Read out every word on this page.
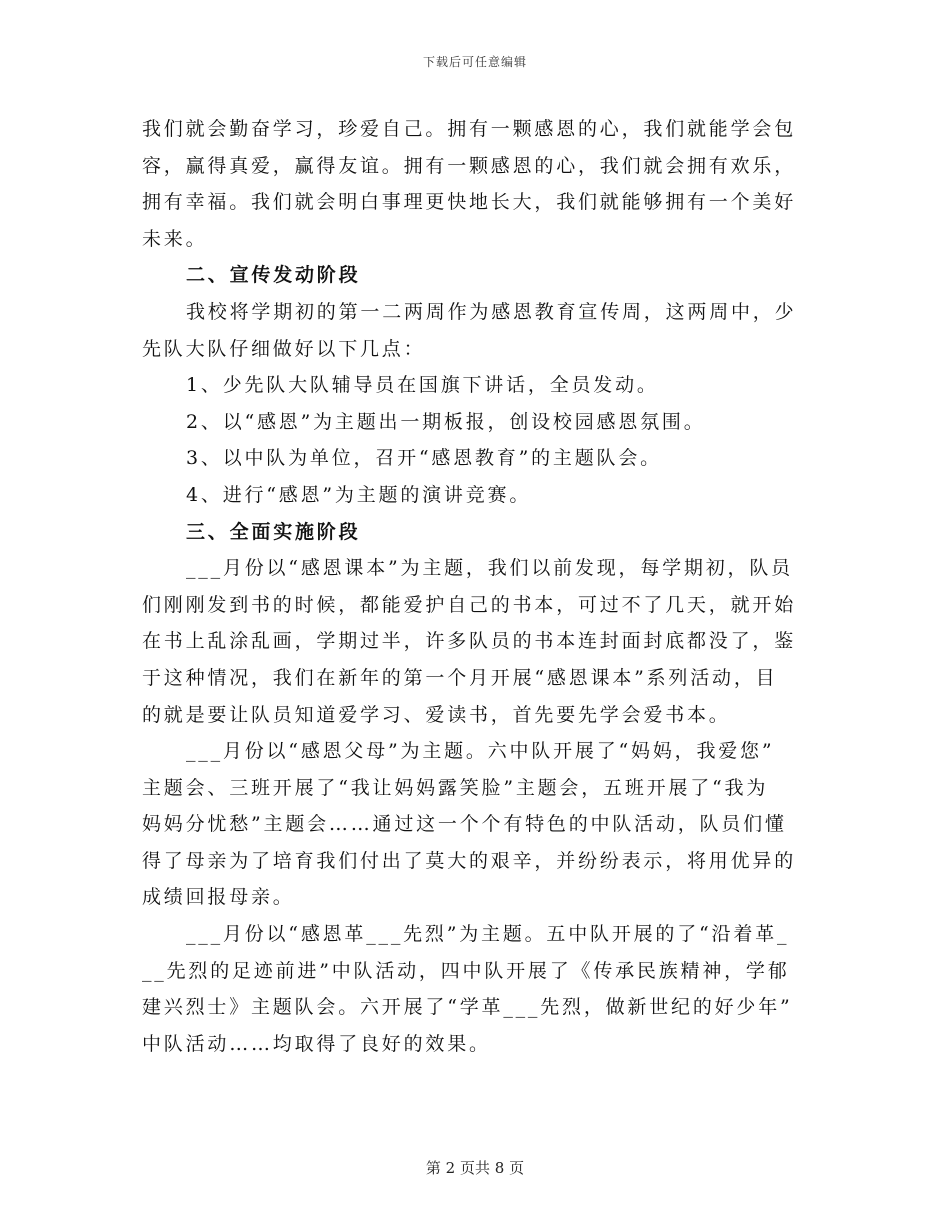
下载后可任意编辑
我们就会勤奋学习，珍爱自己。拥有一颗感恩的心，我们就能学会包
容，赢得真爱，赢得友谊。拥有一颗感恩的心，我们就会拥有欢乐，
拥有幸福。我们就会明白事理更快地长大，我们就能够拥有一个美好
未来。
二、宣传发动阶段
我校将学期初的第一二两周作为感恩教育宣传周，这两周中，少
先队大队仔细做好以下几点：
1、少先队大队辅导员在国旗下讲话，全员发动。
2、以“感恩”为主题出一期板报，创设校园感恩氛围。
3、以中队为单位，召开“感恩教育”的主题队会。
4、进行“感恩”为主题的演讲竞赛。
三、全面实施阶段
___月份以“感恩课本”为主题，我们以前发现，每学期初，队员
们刚刚发到书的时候，都能爱护自己的书本，可过不了几天，就开始
在书上乱涂乱画，学期过半，许多队员的书本连封面封底都没了，鉴
于这种情况，我们在新年的第一个月开展“感恩课本”系列活动，目
的就是要让队员知道爱学习、爱读书，首先要先学会爱书本。
___月份以“感恩父母”为主题。六中队开展了“妈妈，我爱您”
主题会、三班开展了“我让妈妈露笑脸”主题会，五班开展了“我为
妈妈分忧愁”主题会……通过这一个个有特色的中队活动，队员们懂
得了母亲为了培育我们付出了莫大的艰辛，并纷纷表示，将用优异的
成绩回报母亲。
___月份以“感恩革___先烈”为主题。五中队开展的了“沿着革_
__先烈的足迹前进”中队活动，四中队开展了《传承民族精神，学郁
建兴烈士》主题队会。六开展了“学革___先烈，做新世纪的好少年”
中队活动……均取得了良好的效果。
第 2 页共 8 页
